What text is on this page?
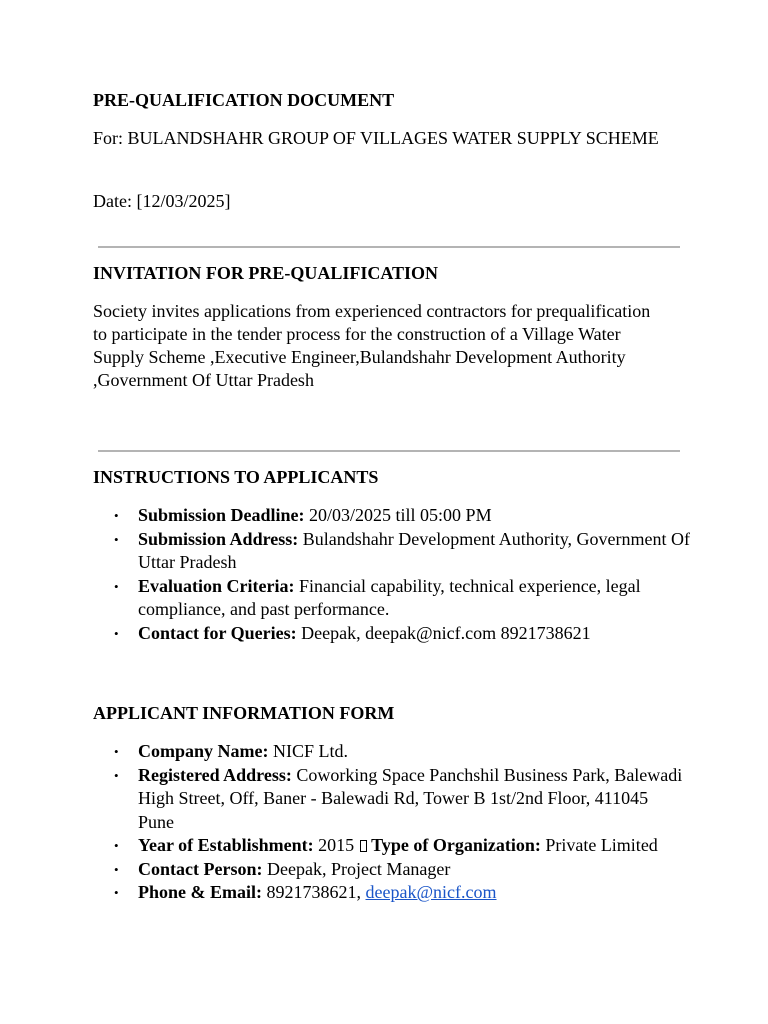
PRE-QUALIFICATION DOCUMENT

For: BULANDSHAHR GROUP OF VILLAGES WATER SUPPLY SCHEME

Date: [12/03/2025]

INVITATION FOR PRE-QUALIFICATION

Society invites applications from experienced contractors for prequalification to participate in the tender process for the construction of a Village Water Supply Scheme ,Executive Engineer,Bulandshahr Development Authority ,Government Of Uttar Pradesh

INSTRUCTIONS TO APPLICANTS
• Submission Deadline: 20/03/2025 till 05:00 PM
• Submission Address: Bulandshahr Development Authority, Government Of Uttar Pradesh
• Evaluation Criteria: Financial capability, technical experience, legal compliance, and past performance.
• Contact for Queries: Deepak, deepak@nicf.com 8921738621
APPLICANT INFORMATION FORM
• Company Name: NICF Ltd.
• Registered Address: Coworking Space Panchshil Business Park, Balewadi High Street, Off, Baner - Balewadi Rd, Tower B 1st/2nd Floor, 411045 Pune
• Year of Establishment: 2015 Type of Organization: Private Limited
• Contact Person: Deepak, Project Manager
• Phone & Email: 8921738621, deepak@nicf.com
